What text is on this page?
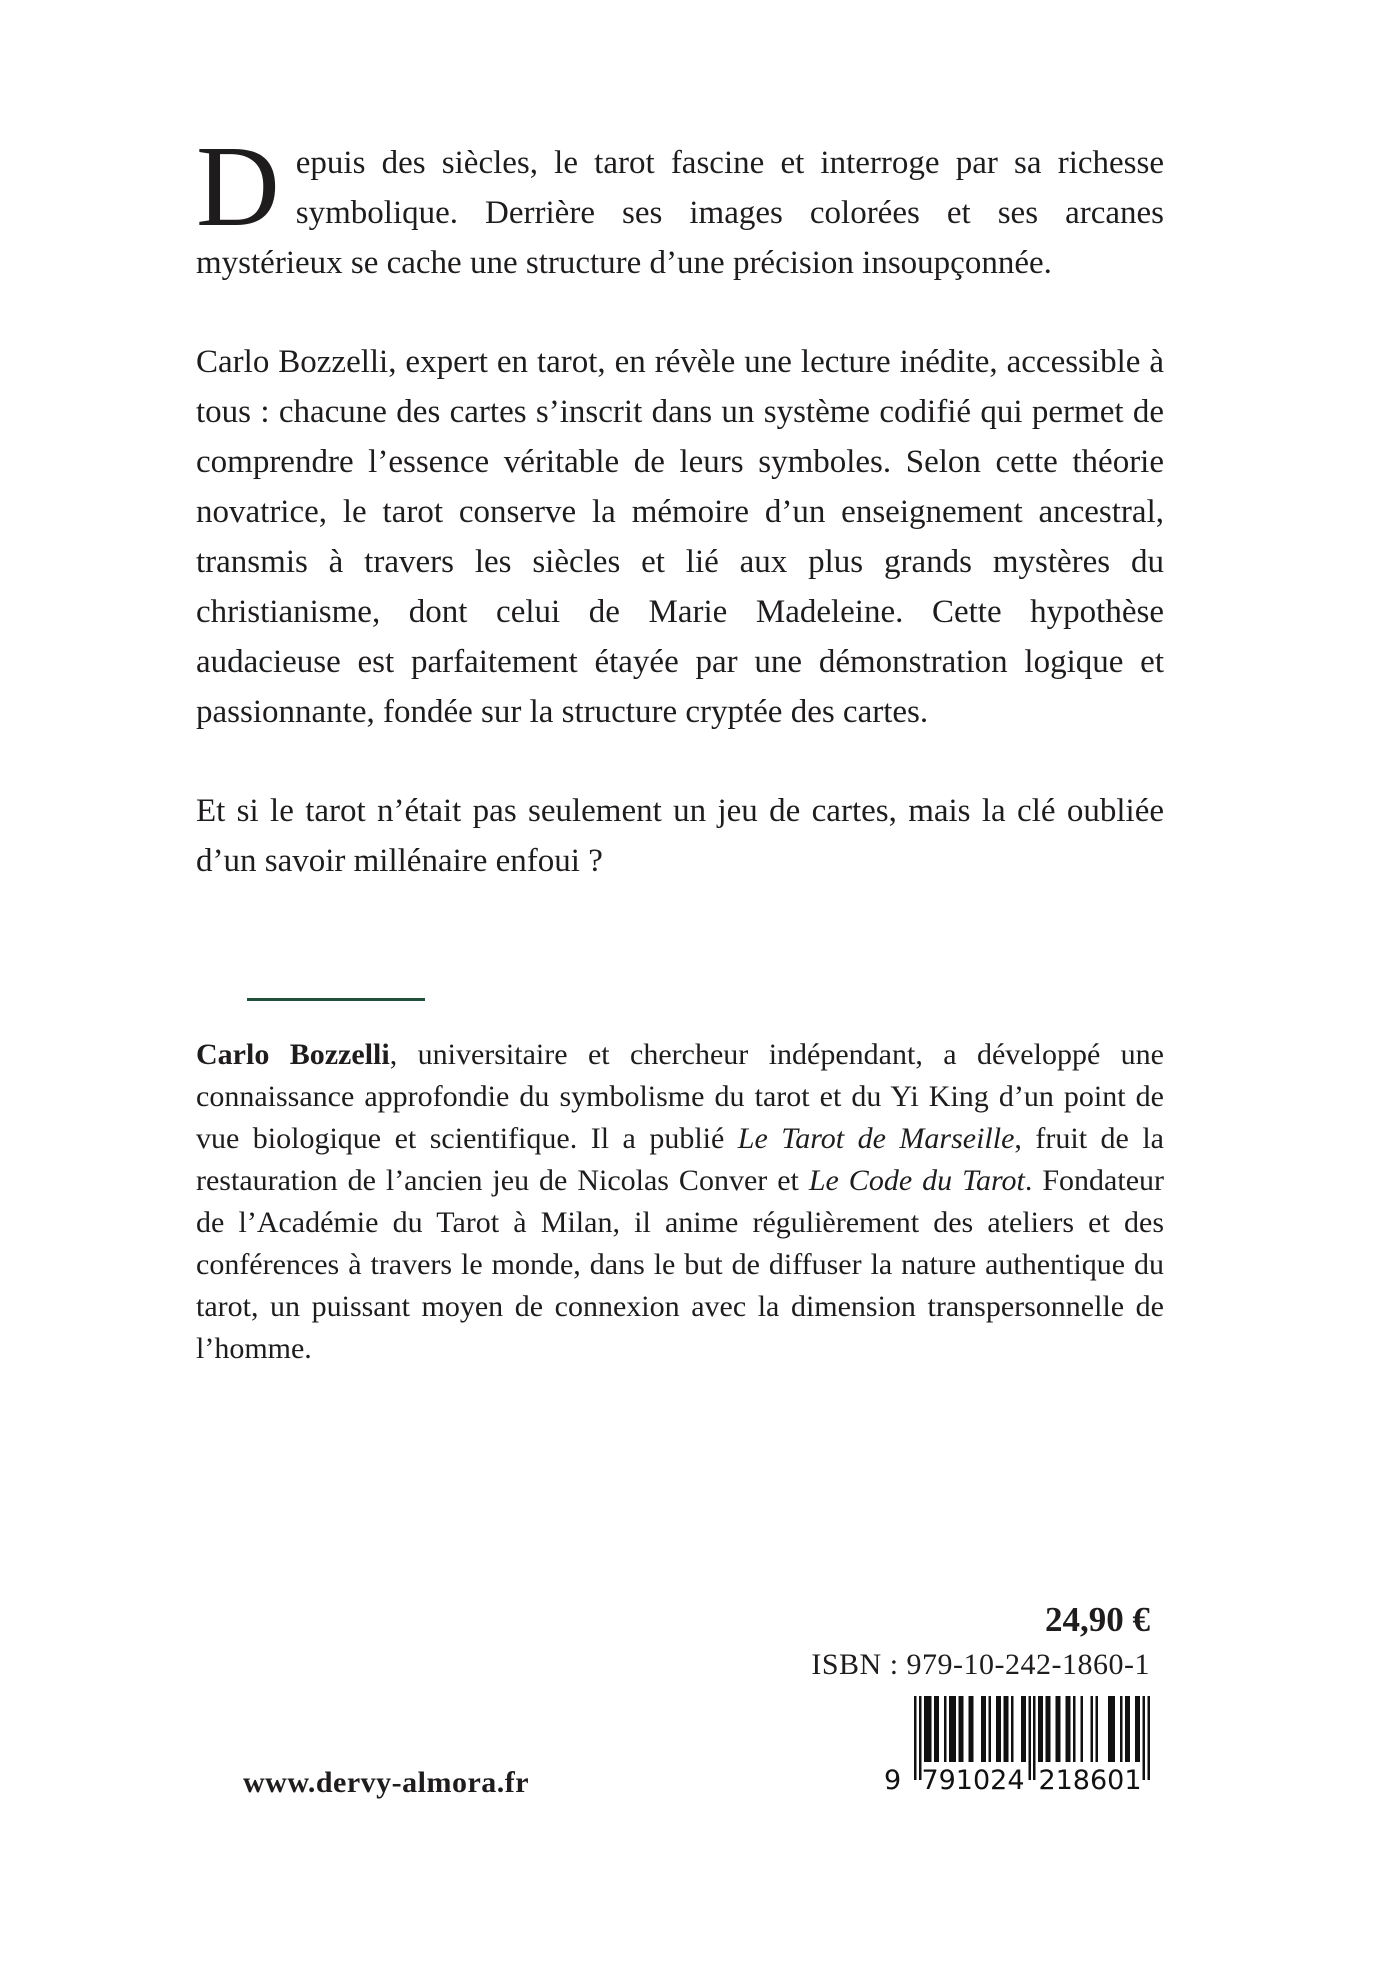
Depuis des siècles, le tarot fascine et interroge par sa richesse symbolique. Derrière ses images colorées et ses arcanes mystérieux se cache une structure d’une précision insoupçonnée.

Carlo Bozzelli, expert en tarot, en révèle une lecture inédite, accessible à tous : chacune des cartes s’inscrit dans un système codifié qui permet de comprendre l’essence véritable de leurs symboles. Selon cette théorie novatrice, le tarot conserve la mémoire d’un enseignement ancestral, transmis à travers les siècles et lié aux plus grands mystères du christianisme, dont celui de Marie Madeleine. Cette hypothèse audacieuse est parfaitement étayée par une démonstration logique et passionnante, fondée sur la structure cryptée des cartes.

Et si le tarot n’était pas seulement un jeu de cartes, mais la clé oubliée d’un savoir millénaire enfoui ?

Carlo Bozzelli, universitaire et chercheur indépendant, a développé une connaissance approfondie du symbolisme du tarot et du Yi King d’un point de vue biologique et scientifique. Il a publié Le Tarot de Marseille, fruit de la restauration de l’ancien jeu de Nicolas Conver et Le Code du Tarot. Fondateur de l’Académie du Tarot à Milan, il anime régulièrement des ateliers et des conférences à travers le monde, dans le but de diffuser la nature authentique du tarot, un puissant moyen de connexion avec la dimension transpersonnelle de l’homme.

24,90 €
ISBN : 979-10-242-1860-1
9 791024 218601
www.dervy-almora.fr
